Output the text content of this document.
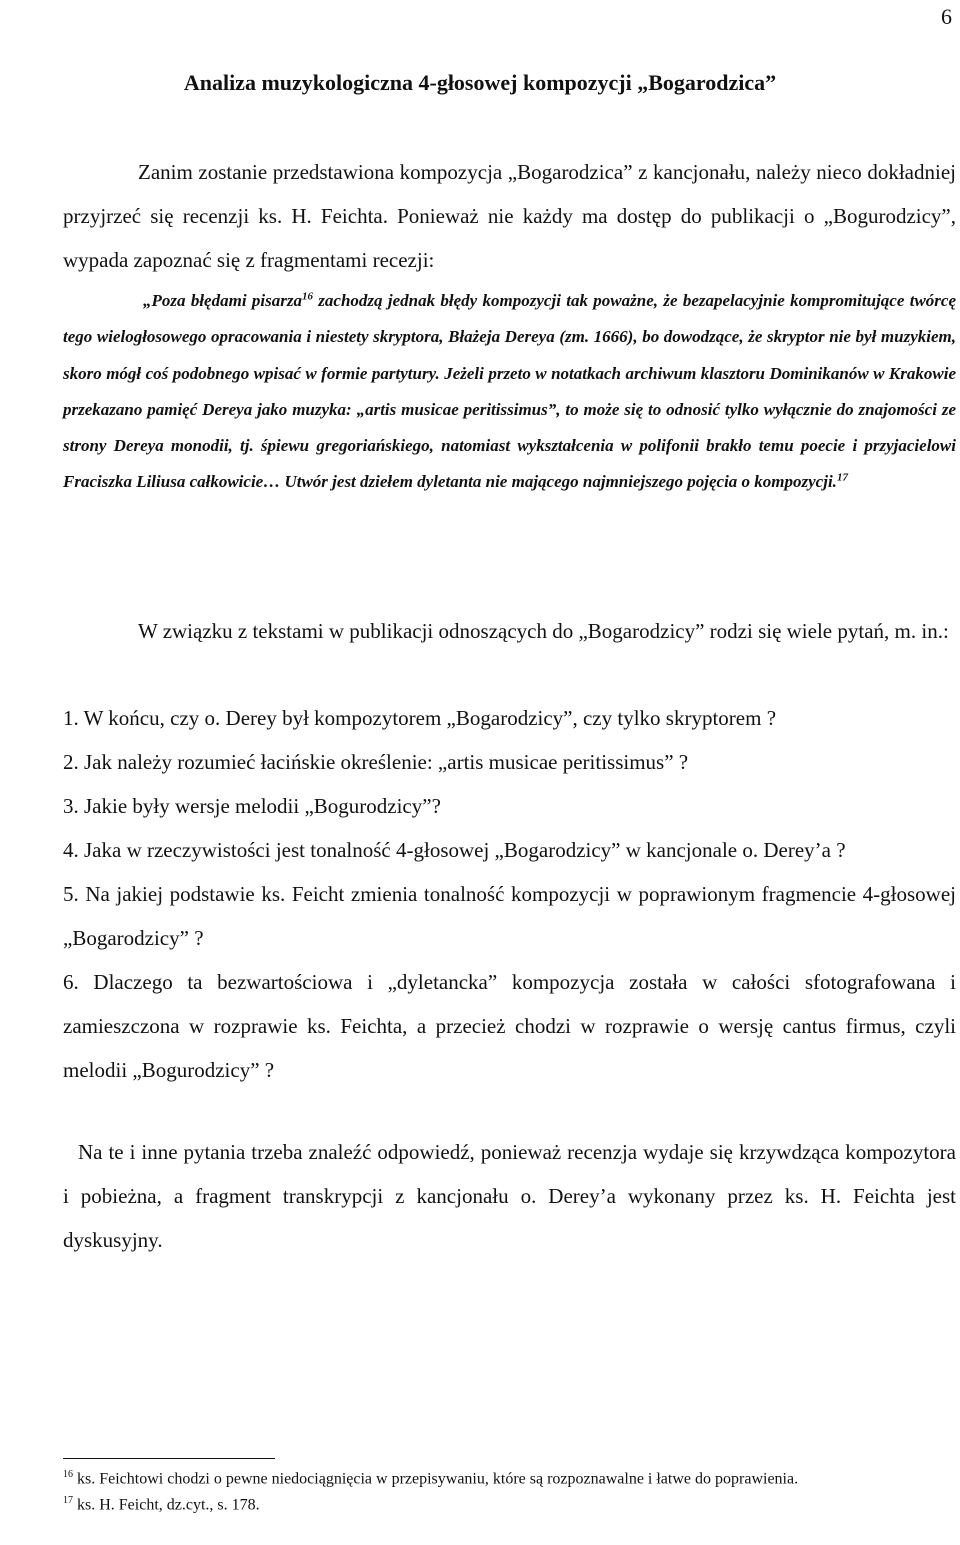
6
Analiza muzykologiczna 4-głosowej kompozycji „Bogarodzica”

Zanim zostanie przedstawiona kompozycja „Bogarodzica” z kancjonału, należy nieco dokładniej przyjrzeć się recenzji ks. H. Feichta. Ponieważ nie każdy ma dostęp do publikacji o „Bogurodzicy”, wypada zapoznać się z fragmentami recezji:

„Poza błędami pisarza$^{16}$ zachodzą jednak błędy kompozycji tak poważne, że bezapelacyjnie kompromitujące twórcę tego wielogłosowego opracowania i niestety skryptora, Błażeja Dereya (zm. 1666), bo dowodzące, że skryptor nie był muzykiem, skoro mógł coś podobnego wpisać w formie partytury. Jeżeli przeto w notatkach archiwum klasztoru Dominikanów w Krakowie przekazano pamięć Dereya jako muzyka: „artis musicae peritissimus”, to może się to odnosić tylko wyłącznie do znajomości ze strony Dereya monodii, tj. śpiewu gregoriańskiego, natomiast wykształcenia w polifonii brakło temu poecie i przyjacielowi Fraciszka Liliusa całkowicie… Utwór jest dziełem dyletanta nie mającego najmniejszego pojęcia o kompozycji.$^{17}$

W związku z tekstami w publikacji odnoszących do „Bogarodzicy” rodzi się wiele pytań, m. in.:

1. W końcu, czy o. Derey był kompozytorem „Bogarodzicy”, czy tylko skryptorem ?
2. Jak należy rozumieć łacińskie określenie: „artis musicae peritissimus” ?
3. Jakie były wersje melodii „Bogurodzicy”?
4. Jaka w rzeczywistości jest tonalność 4-głosowej „Bogarodzicy” w kancjonale o. Derey’a ?
5. Na jakiej podstawie ks. Feicht zmienia tonalność kompozycji w poprawionym fragmencie 4-głosowej „Bogarodzicy” ?
6. Dlaczego ta bezwartościowa i „dyletancka” kompozycja została w całości sfotografowana i zamieszczona w rozprawie ks. Feichta, a przecież chodzi w rozprawie o wersję cantus firmus, czyli melodii „Bogurodzicy” ?

Na te i inne pytania trzeba znaleźć odpowiedź, ponieważ recenzja wydaje się krzywdząca kompozytora i pobieżna, a fragment transkrypcji z kancjonału o. Derey’a wykonany przez ks. H. Feichta jest dyskusyjny.

$^{16}$ ks. Feichtowi chodzi o pewne niedociągnięcia w przepisywaniu, które są rozpoznawalne i łatwe do poprawienia.

$^{17}$ ks. H. Feicht, dz.cyt., s. 178.
